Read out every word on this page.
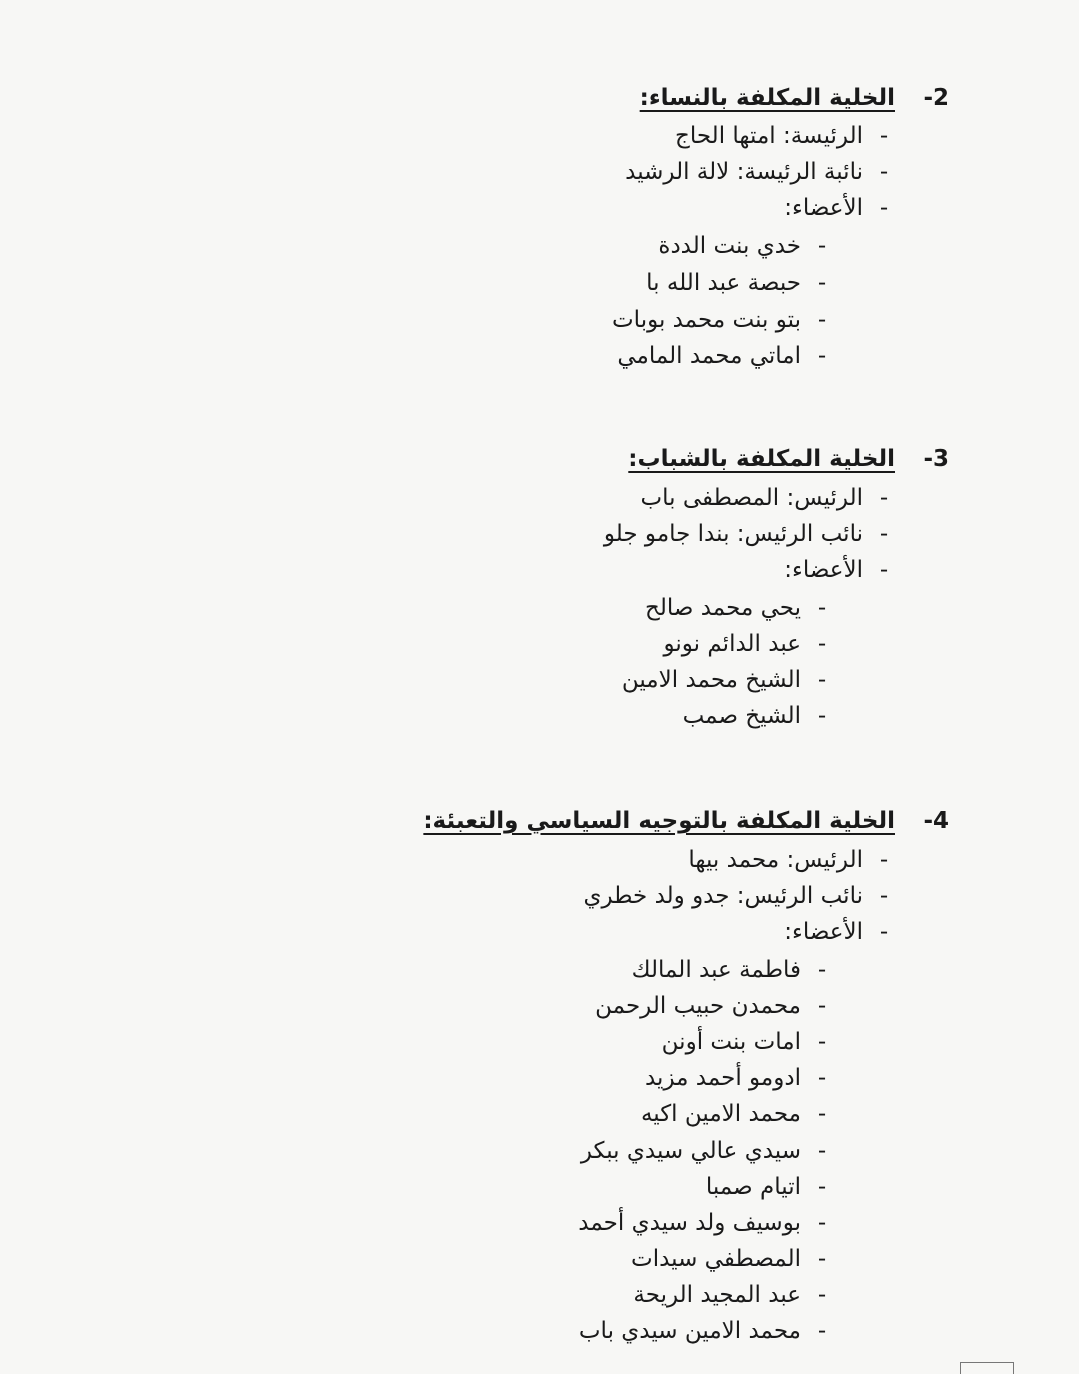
2-الخلية المكلفة بالنساء:
-الرئيسة: امتها الحاج
-نائبة الرئيسة: لالة الرشيد
-الأعضاء:
-خدي بنت الددة
-حبصة عبد الله با
-بتو بنت محمد بوبات
-اماتي محمد المامي
3-الخلية المكلفة بالشباب:
-الرئيس: المصطفى باب
-نائب الرئيس: بندا جامو جلو
-الأعضاء:
-يحي محمد صالح
-عبد الدائم نونو
-الشيخ محمد الامين
-الشيخ صمب
4-الخلية المكلفة بالتوجيه السياسي والتعبئة:
-الرئيس: محمد بيها
-نائب الرئيس: جدو ولد خطري
-الأعضاء:
-فاطمة عبد المالك
-محمدن حبيب الرحمن
-امات بنت أونن
-ادومو أحمد مزيد
-محمد الامين اكيه
-سيدي عالي سيدي ببكر
-اتيام صمبا
-بوسيف ولد سيدي أحمد
-المصطفي سيدات
-عبد المجيد الريحة
-محمد الامين سيدي باب
